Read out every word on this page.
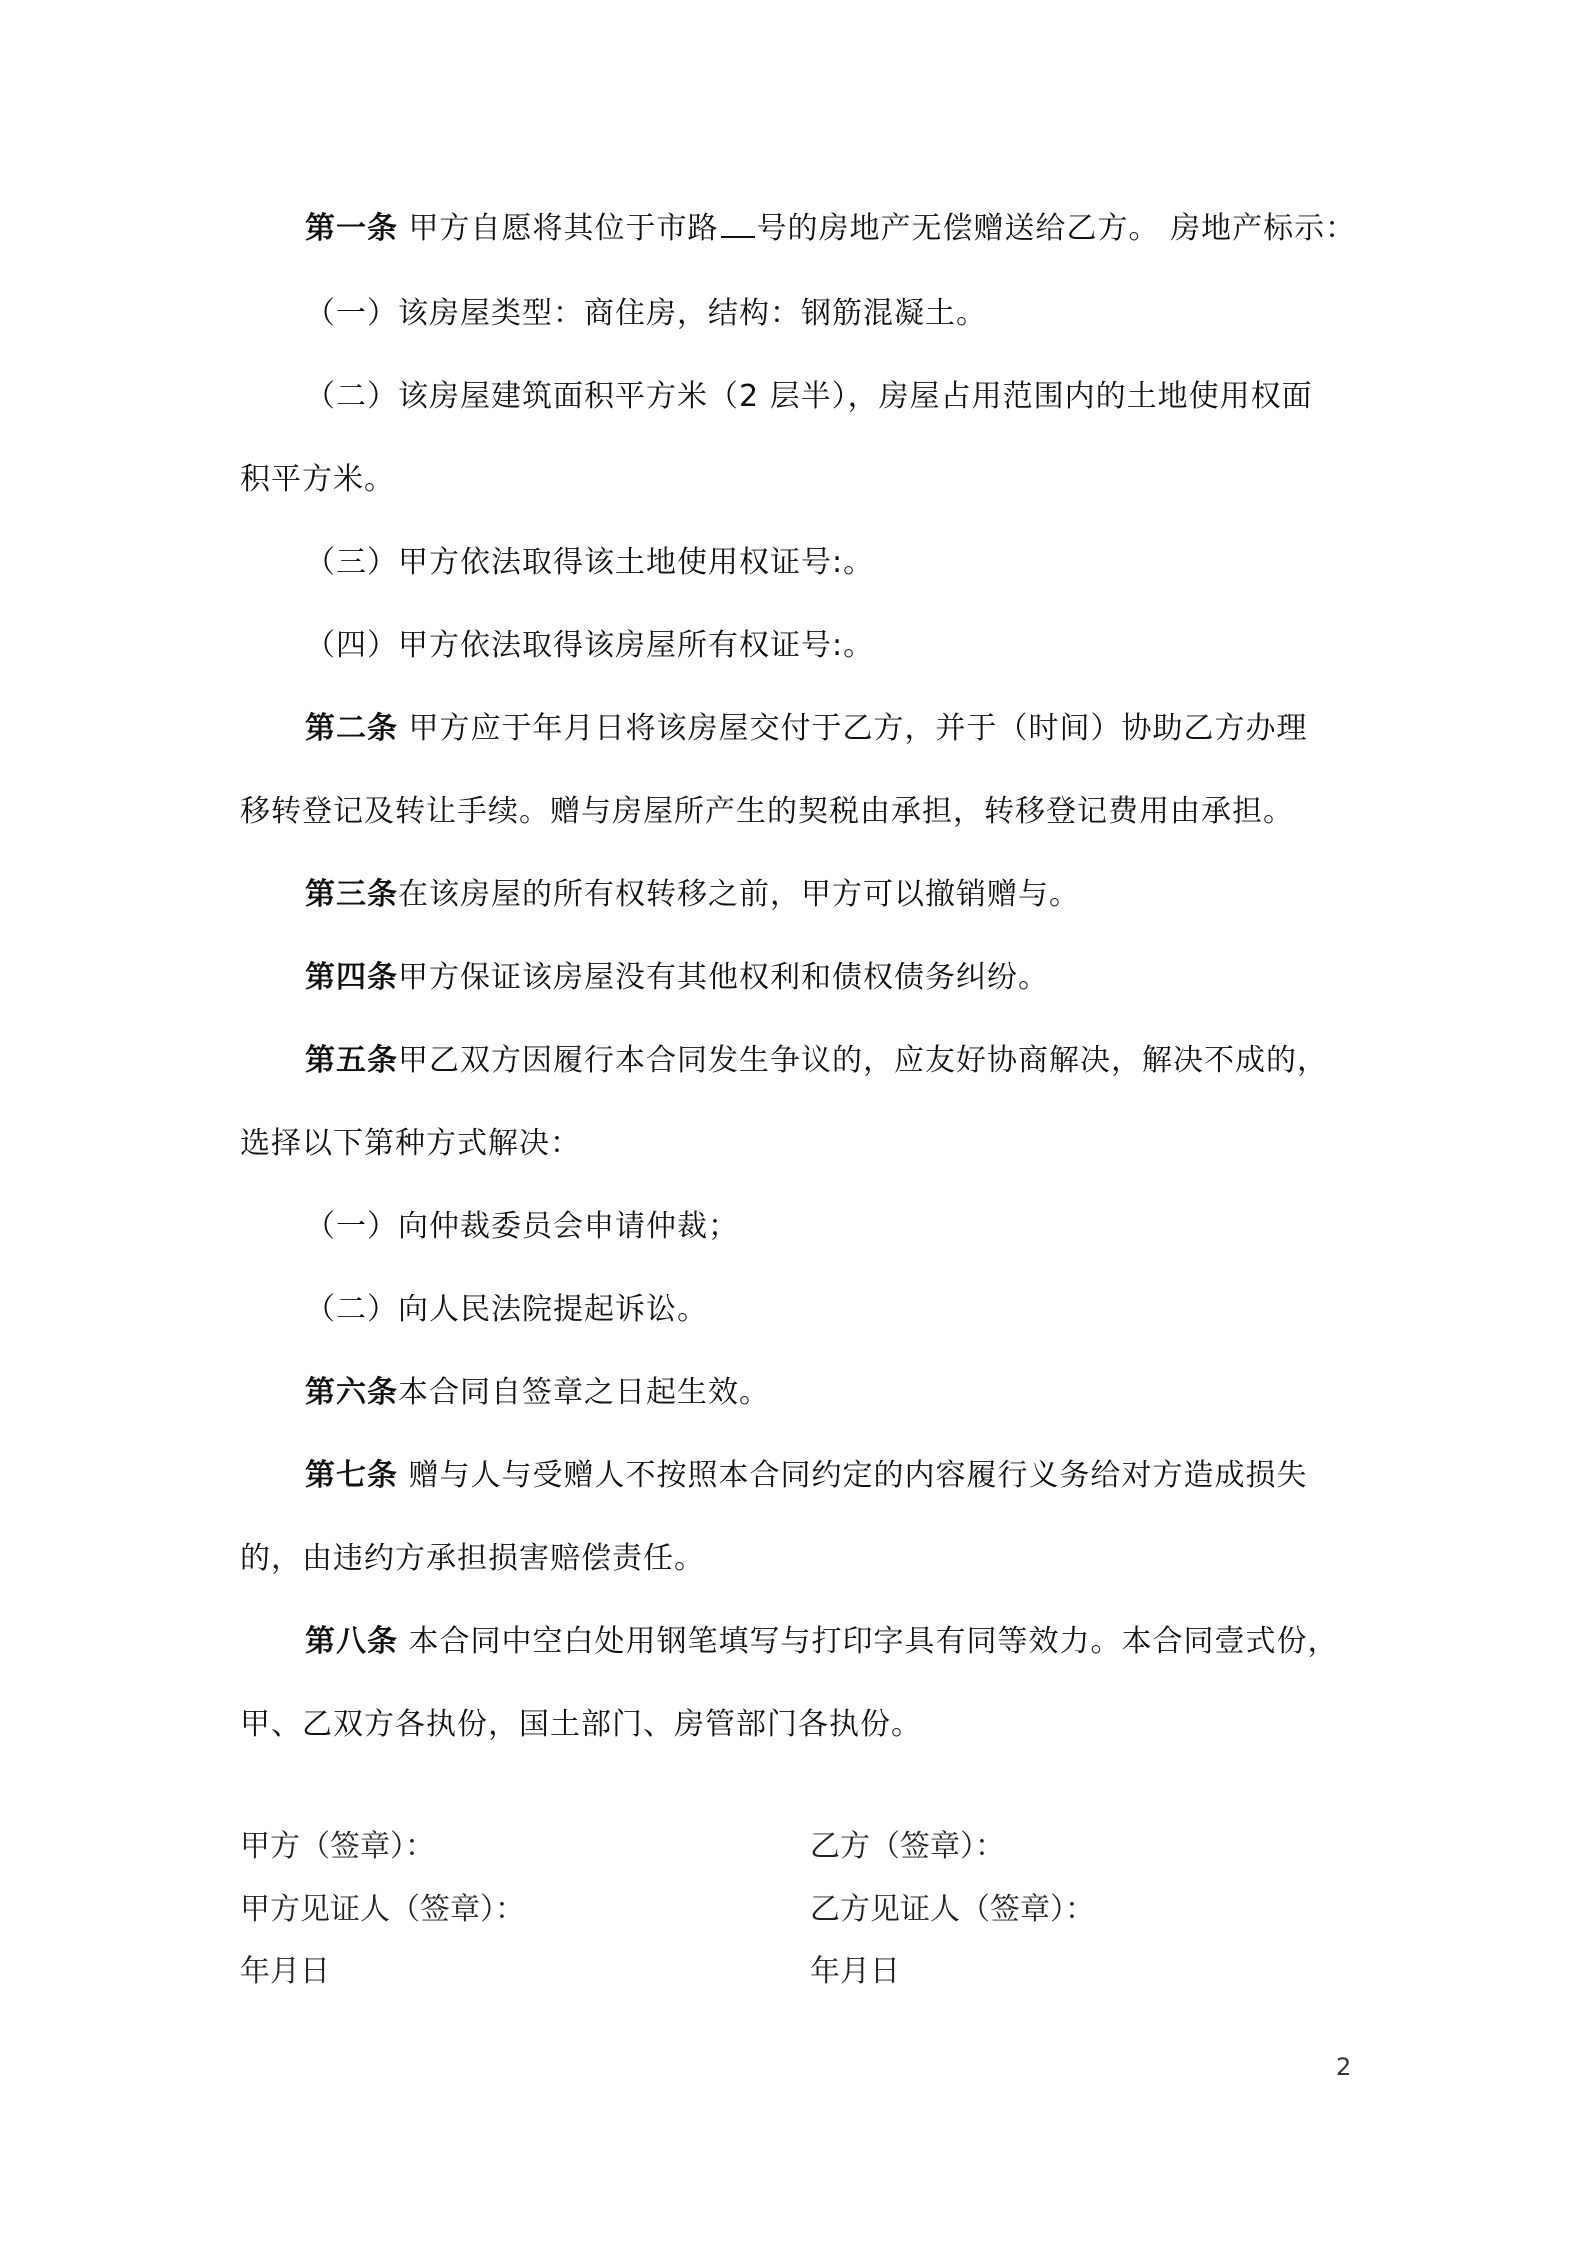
第一条 甲方自愿将其位于市路 号的房地产无偿赠送给乙方。 房地产标示：
（一）该房屋类型：商住房，结构：钢筋混凝土。
（二）该房屋建筑面积平方米（2 层半），房屋占用范围内的土地使用权面
积平方米。
（三）甲方依法取得该土地使用权证号:。
（四）甲方依法取得该房屋所有权证号:。
第二条 甲方应于年月日将该房屋交付于乙方，并于（时间）协助乙方办理
移转登记及转让手续。赠与房屋所产生的契税由承担，转移登记费用由承担。
第三条在该房屋的所有权转移之前，甲方可以撤销赠与。
第四条甲方保证该房屋没有其他权利和债权债务纠纷。
第五条甲乙双方因履行本合同发生争议的，应友好协商解决，解决不成的，
选择以下第种方式解决：
（一）向仲裁委员会申请仲裁；
（二）向人民法院提起诉讼。
第六条本合同自签章之日起生效。
第七条 赠与人与受赠人不按照本合同约定的内容履行义务给对方造成损失
的，由违约方承担损害赔偿责任。
第八条 本合同中空白处用钢笔填写与打印字具有同等效力。本合同壹式份，
甲、乙双方各执份，国土部门、房管部门各执份。
甲方（签章）：	乙方（签章）：
甲方见证人（签章）：	乙方见证人（签章）：
年月日	年月日
2
